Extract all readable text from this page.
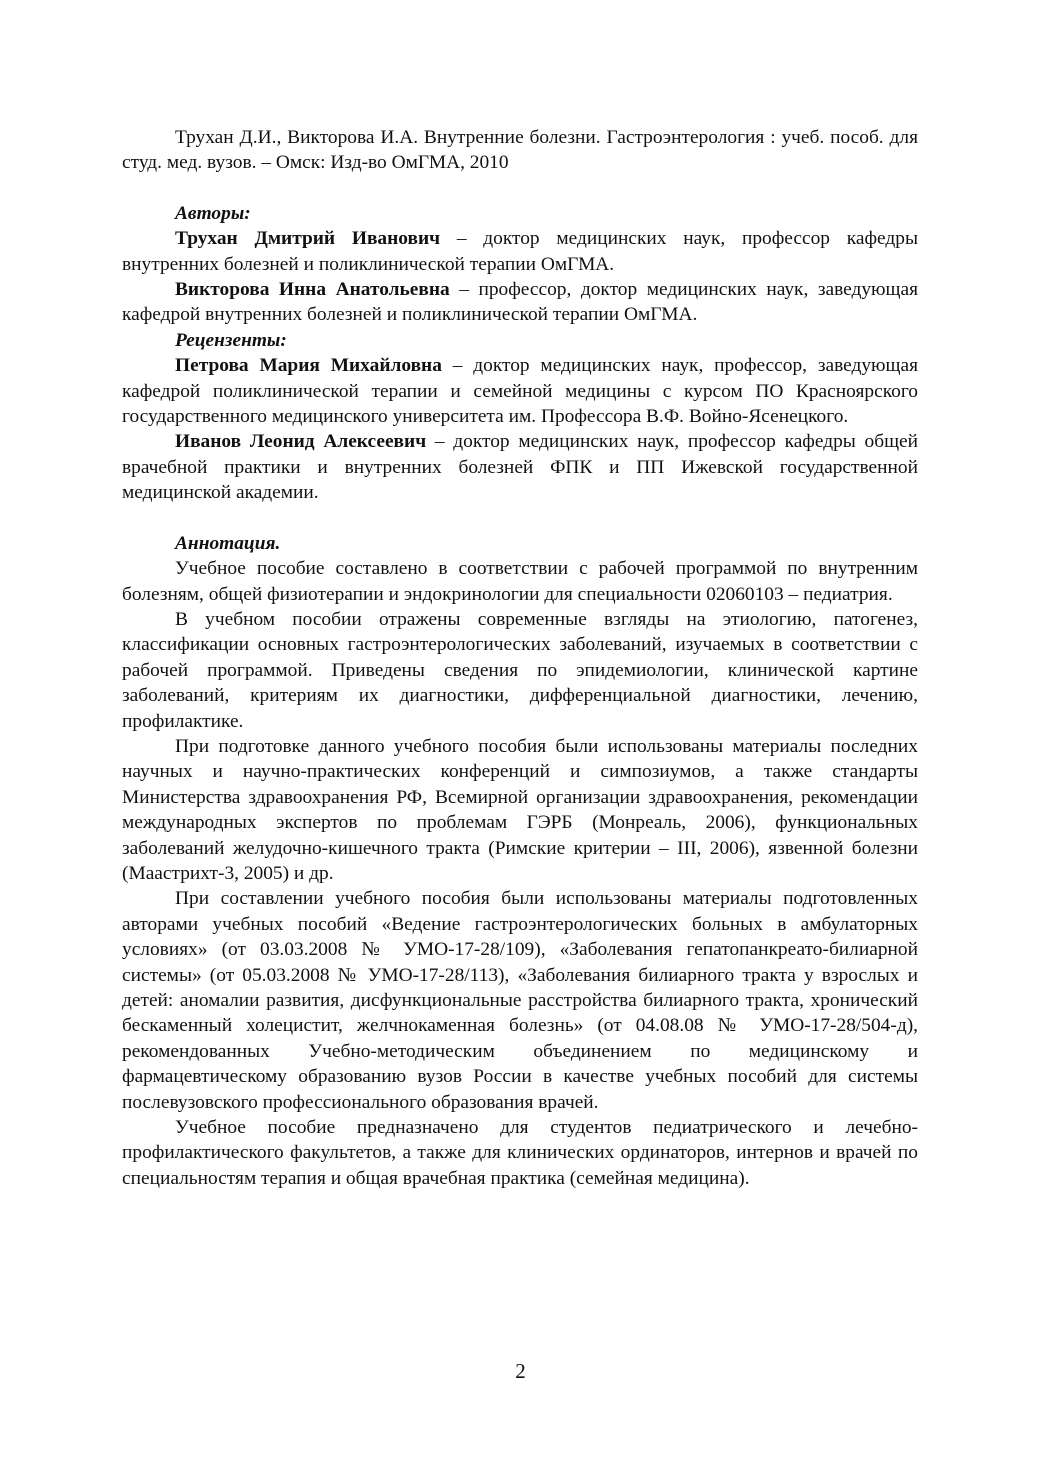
Трухан Д.И., Викторова И.А. Внутренние болезни. Гастроэнтерология : учеб. пособ. для студ. мед. вузов. – Омск: Изд-во ОмГМА, 2010

Авторы:

Трухан Дмитрий Иванович – доктор медицинских наук, профессор кафедры внутренних болезней и поликлинической терапии ОмГМА.

Викторова Инна Анатольевна – профессор, доктор медицинских наук, заведующая кафедрой внутренних болезней и поликлинической терапии ОмГМА.

Рецензенты:

Петрова Мария Михайловна – доктор медицинских наук, профессор, заведующая кафедрой поликлинической терапии и семейной медицины с курсом ПО Красноярского государственного медицинского университета им. Профессора В.Ф. Войно-Ясенецкого.

Иванов Леонид Алексеевич – доктор медицинских наук, профессор кафедры общей врачебной практики и внутренних болезней ФПК и ПП Ижевской государственной медицинской академии.

Аннотация.

Учебное пособие составлено в соответствии с рабочей программой по внутренним болезням, общей физиотерапии и эндокринологии для специальности 02060103 – педиатрия.

В учебном пособии отражены современные взгляды на этиологию, патогенез, классификации основных гастроэнтерологических заболеваний, изучаемых в соответствии с рабочей программой. Приведены сведения по эпидемиологии, клинической картине заболеваний, критериям их диагностики, дифференциальной диагностики, лечению, профилактике.

При подготовке данного учебного пособия были использованы материалы последних научных и научно-практических конференций и симпозиумов, а также стандарты Министерства здравоохранения РФ, Всемирной организации здравоохранения, рекомендации международных экспертов по проблемам ГЭРБ (Монреаль, 2006), функциональных заболеваний желудочно-кишечного тракта (Римские критерии – III, 2006), язвенной болезни (Маастрихт-3, 2005) и др.

При составлении учебного пособия были использованы материалы подготовленных авторами учебных пособий «Ведение гастроэнтерологических больных в амбулаторных условиях» (от 03.03.2008 № УМО-17-28/109), «Заболевания гепатопанкреато-билиарной системы» (от 05.03.2008 № УМО-17-28/113), «Заболевания билиарного тракта у взрослых и детей: аномалии развития, дисфункциональные расстройства билиарного тракта, хронический бескаменный холецистит, желчнокаменная болезнь» (от 04.08.08 № УМО-17-28/504-д), рекомендованных Учебно-методическим объединением по медицинскому и фармацевтическому образованию вузов России в качестве учебных пособий для системы послевузовского профессионального образования врачей.

Учебное пособие предназначено для студентов педиатрического и лечебно-профилактического факультетов, а также для клинических ординаторов, интернов и врачей по специальностям терапия и общая врачебная практика (семейная медицина).

2
